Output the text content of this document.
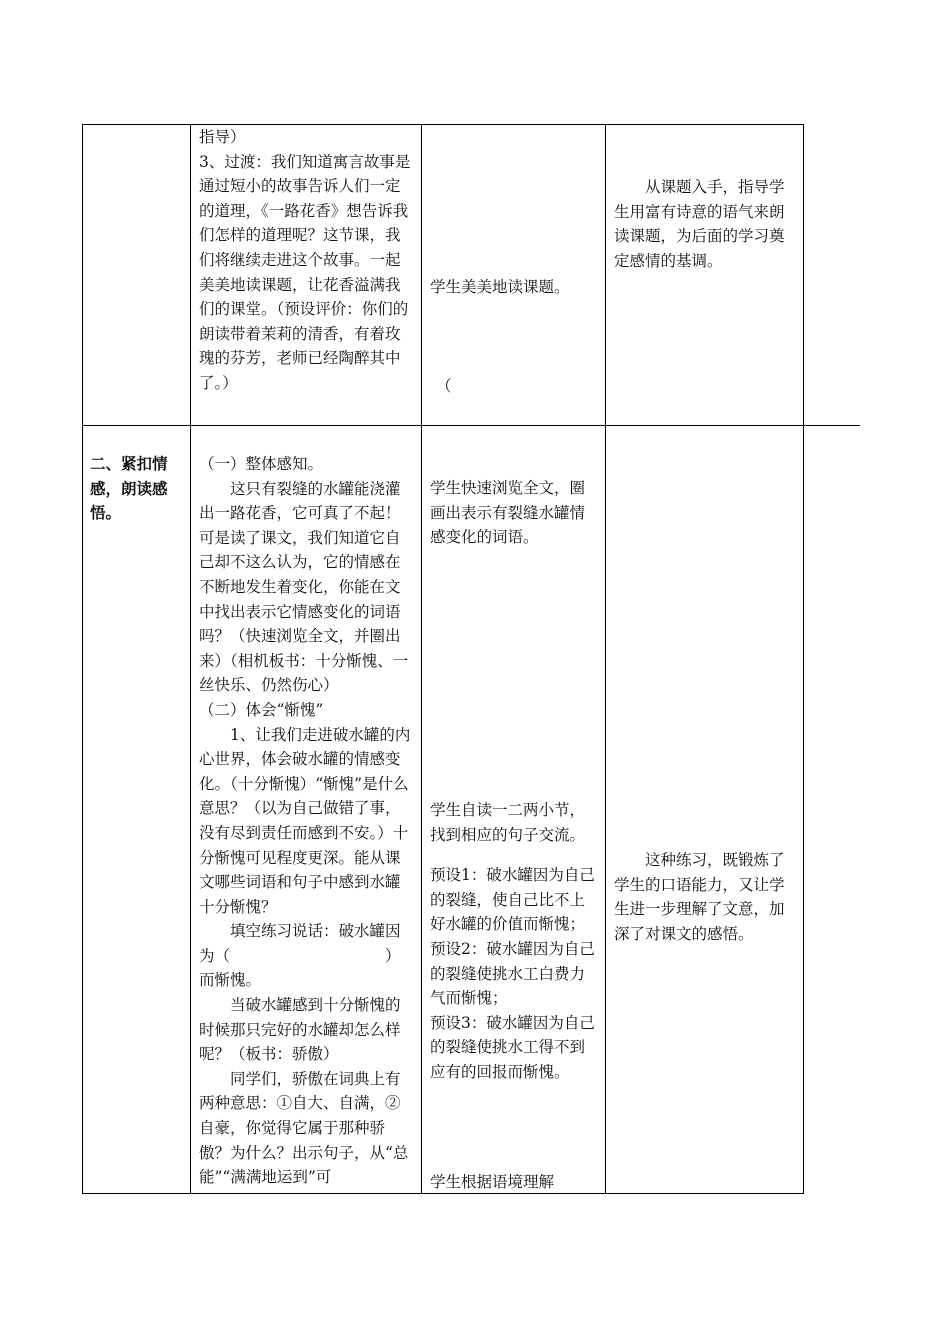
指导）

3、过渡：我们知道寓言故事是通过短小的故事告诉人们一定的道理，《一路花香》想告诉我们怎样的道理呢？这节课，我们将继续走进这个故事。一起美美地读课题，让花香溢满我们的课堂。（预设评价：你们的朗读带着茉莉的清香，有着玫瑰的芬芳，老师已经陶醉其中了。）

学生美美地读课题。

（

从课题入手，指导学生用富有诗意的语气来朗读课题，为后面的学习奠定感情的基调。

二、紧扣情感，朗读感悟。

（一）整体感知。

这只有裂缝的水罐能浇灌出一路花香，它可真了不起！可是读了课文，我们知道它自己却不这么认为，它的情感在不断地发生着变化，你能在文中找出表示它情感变化的词语吗？（快速浏览全文，并圈出来）（相机板书：十分惭愧、一丝快乐、仍然伤心）

（二）体会“惭愧”

1、让我们走进破水罐的内心世界，体会破水罐的情感变化。（十分惭愧）“惭愧”是什么意思？（以为自己做错了事，没有尽到责任而感到不安。）十分惭愧可见程度更深。能从课文哪些词语和句子中感到水罐十分惭愧？

填空练习说话：破水罐因为（　　　　　　　　　　）而惭愧。

当破水罐感到十分惭愧的时候那只完好的水罐却怎么样呢？（板书：骄傲）

同学们，骄傲在词典上有两种意思：①自大、自满，②自豪，你觉得它属于那种骄傲？为什么？出示句子，从“总能”“满满地运到”可

学生快速浏览全文，圈画出表示有裂缝水罐情感变化的词语。

学生自读一二两小节，找到相应的句子交流。

预设1：破水罐因为自己的裂缝，使自己比不上好水罐的价值而惭愧；

预设2：破水罐因为自己的裂缝使挑水工白费力气而惭愧；

预设3：破水罐因为自己的裂缝使挑水工得不到应有的回报而惭愧。

学生根据语境理解

这种练习，既锻炼了学生的口语能力，又让学生进一步理解了文意，加深了对课文的感悟。
